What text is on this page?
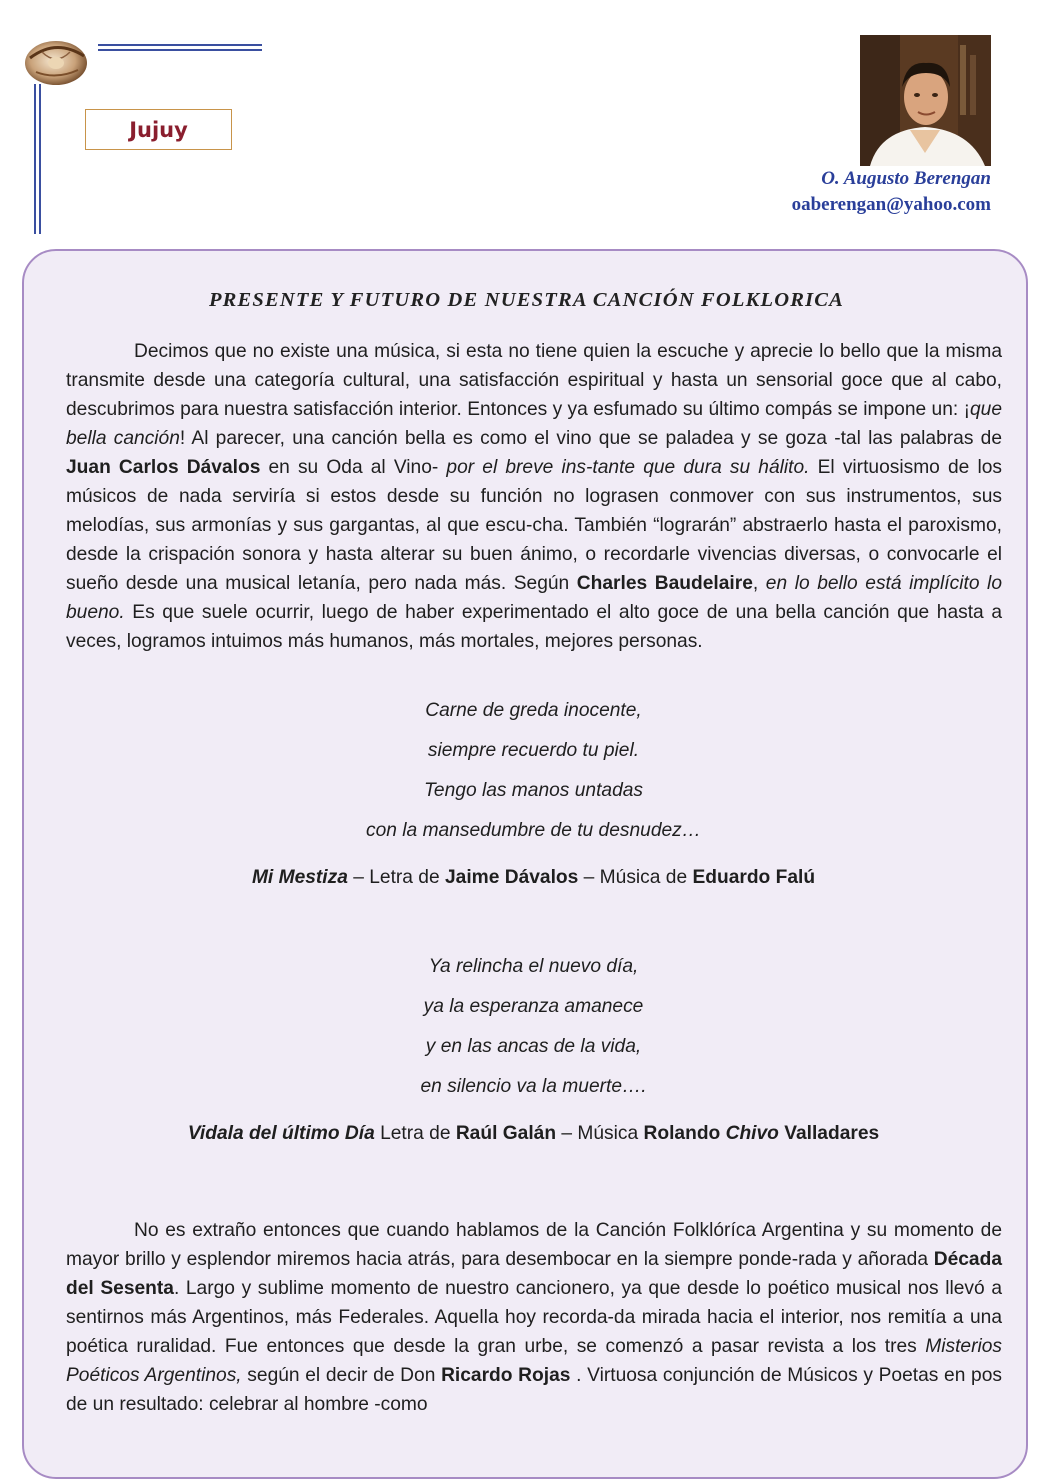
Jujuy
O. Augusto Berengan
oaberengan@yahoo.com
PRESENTE Y FUTURO DE NUESTRA CANCIÓN FOLKLORICA

Decimos que no existe una música, si esta no tiene quien la escuche y aprecie lo bello que la misma transmite desde una categoría cultural, una satisfacción espiritual y hasta un sensorial goce que al cabo, descubrimos para nuestra satisfacción interior. Entonces y ya esfumado su último compás se impone un: ¡que bella canción! Al parecer, una canción bella es como el vino que se paladea y se goza -tal las palabras de Juan Carlos Dávalos en su Oda al Vino- por el breve ins-tante que dura su hálito. El virtuosismo de los músicos de nada serviría si estos desde su función no lograsen conmover con sus instrumentos, sus melodías, sus armonías y sus gargantas, al que escu-cha. También “lograrán” abstraerlo hasta el paroxismo, desde la crispación sonora y hasta alterar su buen ánimo, o recordarle vivencias diversas, o convocarle el sueño desde una musical letanía, pero nada más. Según Charles Baudelaire, en lo bello está implícito lo bueno. Es que suele ocurrir, luego de haber experimentado el alto goce de una bella canción que hasta a veces, logramos intuimos más humanos, más mortales, mejores personas.

Carne de greda inocente,
siempre recuerdo tu piel.
Tengo las manos untadas
con la mansedumbre de tu desnudez…
Mi Mestiza – Letra de Jaime Dávalos – Música de Eduardo Falú
Ya relincha el nuevo día,
ya la esperanza amanece
y en las ancas de la vida,
en silencio va la muerte….
Vidala del último Día Letra de Raúl Galán – Música Rolando Chivo Valladares

No es extraño entonces que cuando hablamos de la Canción Folklóríca Argentina y su momento de mayor brillo y esplendor miremos hacia atrás, para desembocar en la siempre ponde-rada y añorada Década del Sesenta. Largo y sublime momento de nuestro cancionero, ya que desde lo poético musical nos llevó a sentirnos más Argentinos, más Federales. Aquella hoy recorda-da mirada hacia el interior, nos remitía a una poética ruralidad. Fue entonces que desde la gran urbe, se comenzó a pasar revista a los tres Misterios Poéticos Argentinos, según el decir de Don Ricardo Rojas . Virtuosa conjunción de Músicos y Poetas en pos de un resultado: celebrar al hombre -como
